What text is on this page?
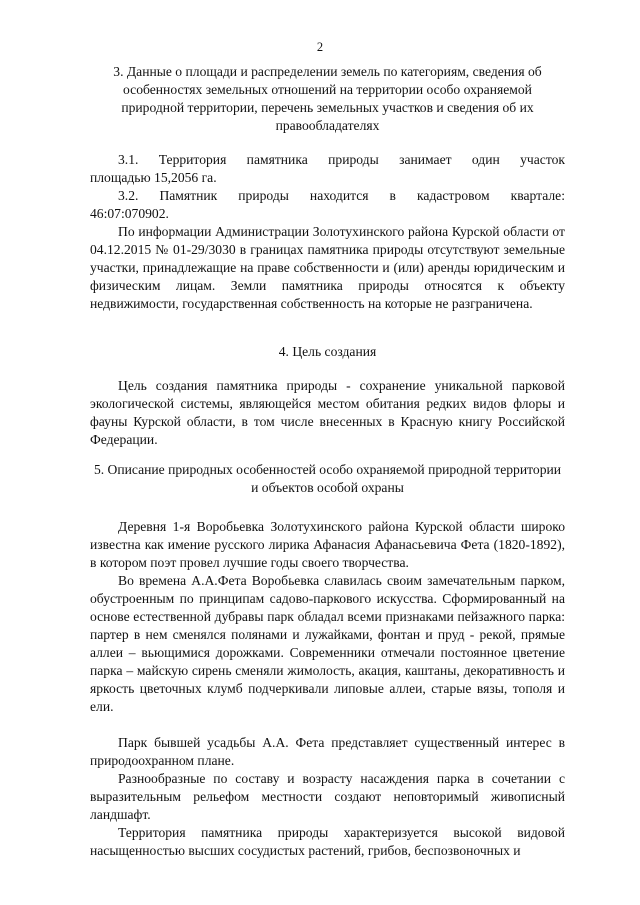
2
3. Данные о площади и распределении земель по категориям, сведения об особенностях земельных отношений на территории особо охраняемой природной территории, перечень земельных участков и сведения об их правообладателях
3.1. Территория памятника природы занимает один участок
площадью 15,2056 га.
3.2. Памятник природы находится в кадастровом квартале:
46:07:070902.

По информации Администрации Золотухинского района Курской области от 04.12.2015 № 01-29/3030 в границах памятника природы отсутствуют земельные участки, принадлежащие на праве собственности и (или) аренды юридическим и физическим лицам. Земли памятника природы относятся к объекту недвижимости, государственная собственность на которые не разграничена.

4. Цель создания

Цель создания памятника природы - сохранение уникальной парковой экологической системы, являющейся местом обитания редких видов флоры и фауны Курской области, в том числе внесенных в Красную книгу Российской Федерации.

5. Описание природных особенностей особо охраняемой природной территории и объектов особой охраны

Деревня 1-я Воробьевка Золотухинского района Курской области широко известна как имение русского лирика Афанасия Афанасьевича Фета (1820-1892), в котором поэт провел лучшие годы своего творчества.

Во времена А.А.Фета Воробьевка славилась своим замечательным парком, обустроенным по принципам садово-паркового искусства. Сформированный на основе естественной дубравы парк обладал всеми признаками пейзажного парка: партер в нем сменялся полянами и лужайками, фонтан и пруд - рекой, прямые аллеи – вьющимися дорожками. Современники отмечали постоянное цветение парка – майскую сирень сменяли жимолость, акация, каштаны, декоративность и яркость цветочных клумб подчеркивали липовые аллеи, старые вязы, тополя и ели.

Парк бывшей усадьбы А.А. Фета представляет существенный интерес в природоохранном плане.

Разнообразные по составу и возрасту насаждения парка в сочетании с выразительным рельефом местности создают неповторимый живописный ландшафт.

Территория памятника природы характеризуется высокой видовой насыщенностью высших сосудистых растений, грибов, беспозвоночных и
